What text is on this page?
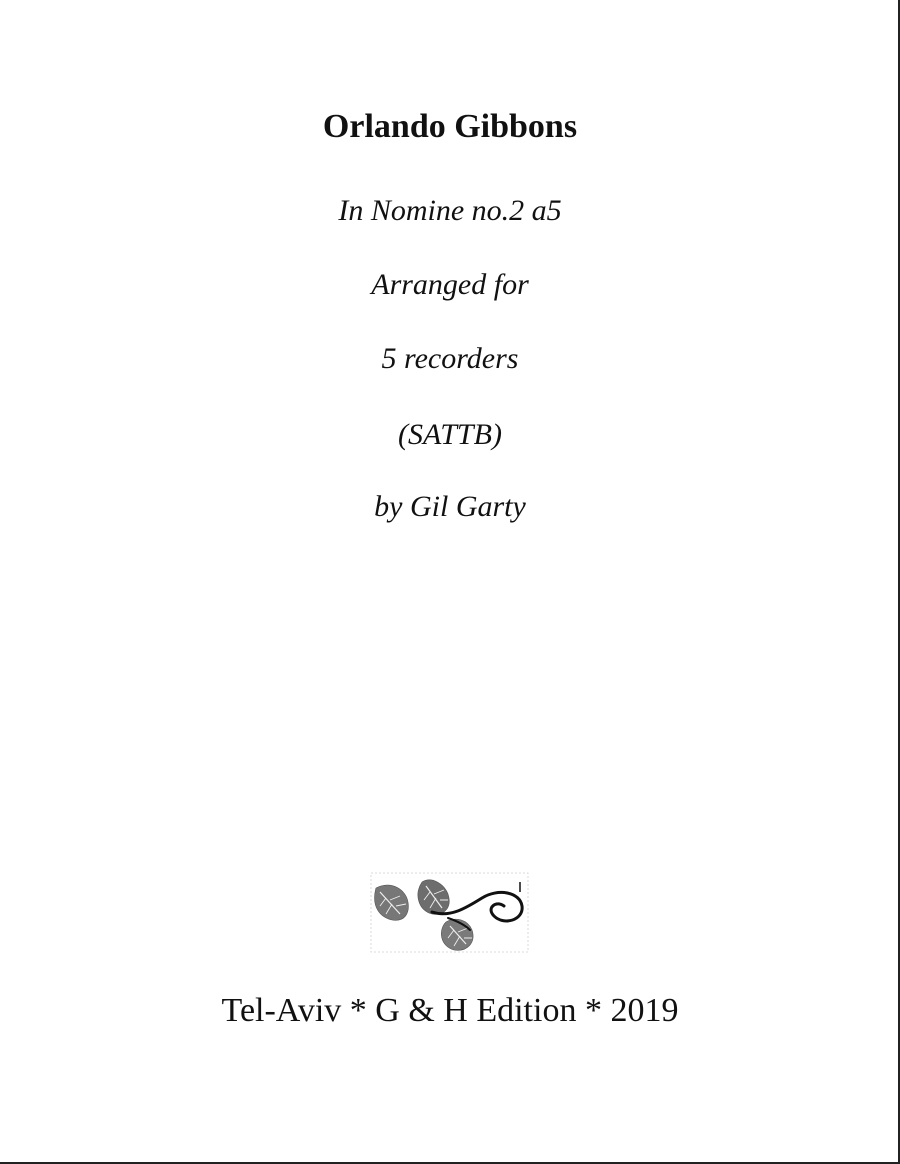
Orlando Gibbons
In Nomine no.2 a5
Arranged for
5 recorders
(SATTB)
by Gil Garty
Tel-Aviv * G & H Edition * 2019
